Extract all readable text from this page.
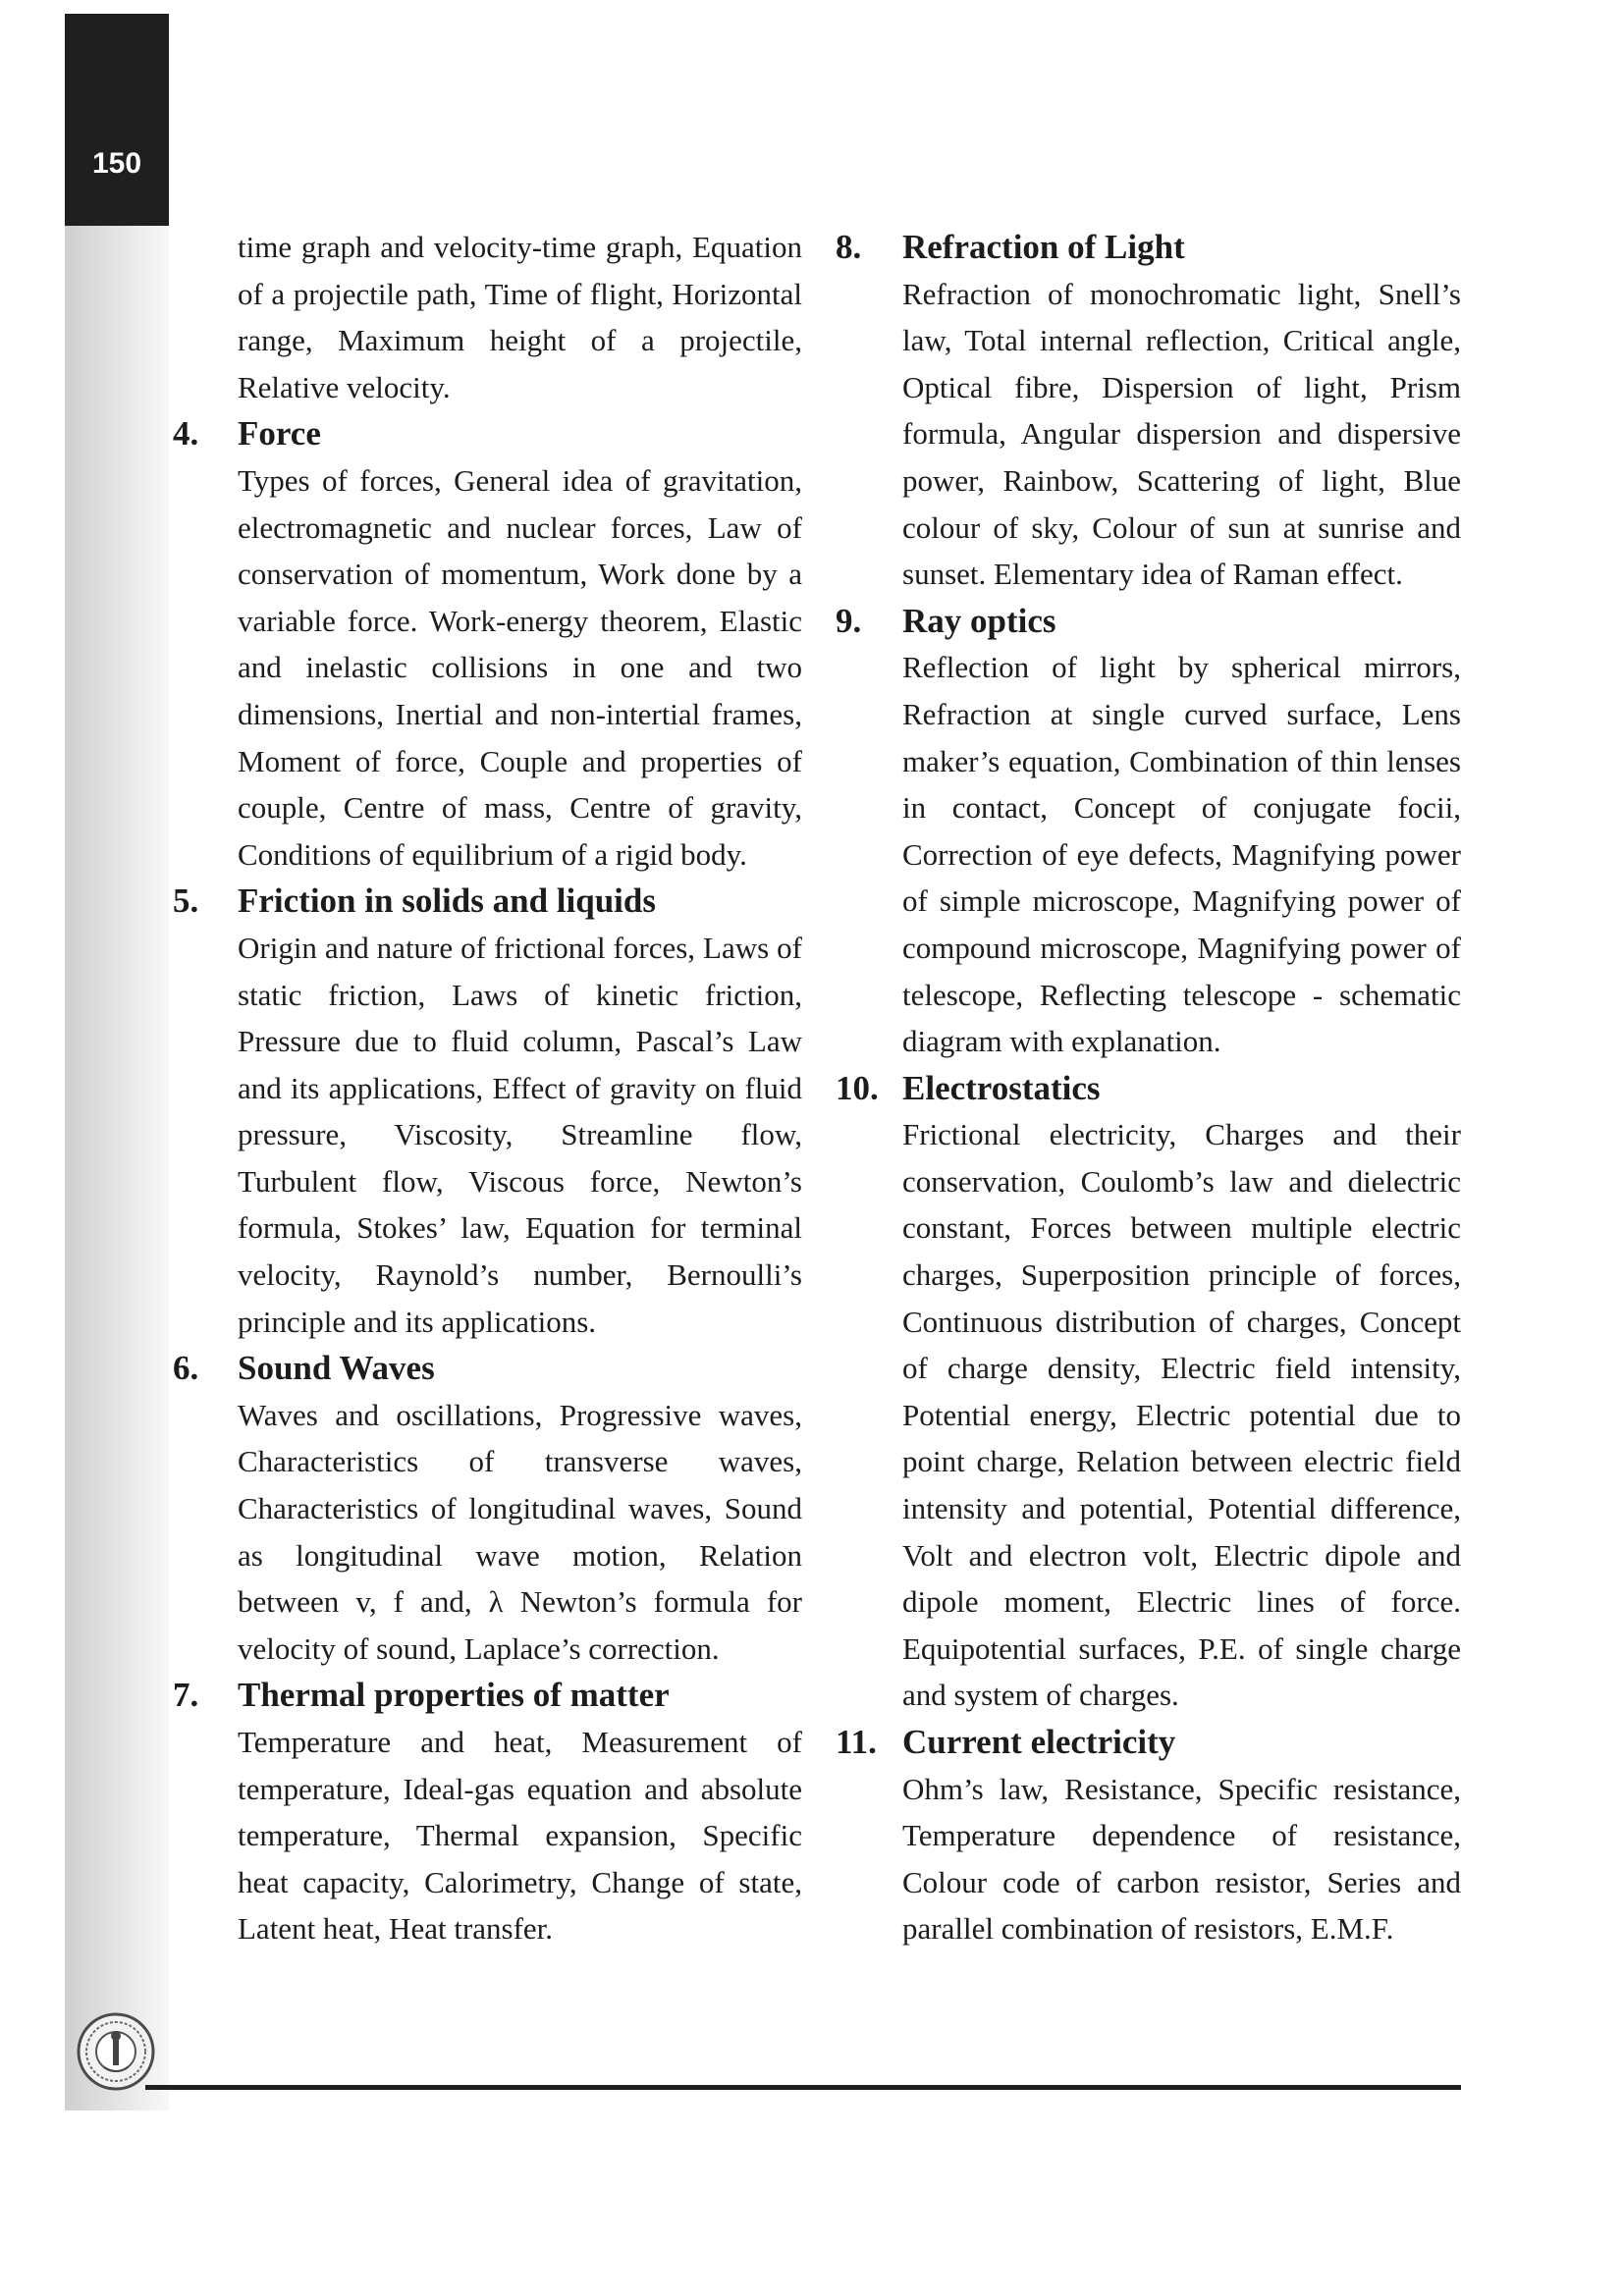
150
time graph and velocity-time graph, Equation of a projectile path, Time of flight, Horizontal range, Maximum height of a projectile, Relative velocity.
4.	Force
Types of forces, General idea of gravitation, electromagnetic and nuclear forces, Law of conservation of momentum, Work done by a variable force. Work-energy theorem, Elastic and inelastic collisions in one and two dimensions, Inertial and non-intertial frames, Moment of force, Couple and properties of couple, Centre of mass, Centre of gravity, Conditions of equilibrium of a rigid body.
5.	Friction in solids and liquids
Origin and nature of frictional forces, Laws of static friction, Laws of kinetic friction, Pressure due to fluid column, Pascal’s Law and its applications, Effect of gravity on fluid pressure, Viscosity, Streamline flow, Turbulent flow, Viscous force, Newton’s formula, Stokes’ law, Equation for terminal velocity, Raynold’s number, Bernoulli’s principle and its applications.
6.	Sound Waves
Waves and oscillations, Progressive waves, Characteristics of transverse waves, Characteristics of longitudinal waves, Sound as longitudinal wave motion, Relation between v, f and, λ Newton’s formula for velocity of sound, Laplace’s correction.
7.	Thermal properties of matter
Temperature and heat, Measurement of temperature, Ideal-gas equation and absolute temperature, Thermal expansion, Specific heat capacity, Calorimetry, Change of state, Latent heat, Heat transfer.
8.	Refraction of Light
Refraction of monochromatic light, Snell’s law, Total internal reflection, Critical angle, Optical fibre, Dispersion of light, Prism formula, Angular dispersion and dispersive power, Rainbow, Scattering of light, Blue colour of sky, Colour of sun at sunrise and sunset. Elementary idea of Raman effect.
9.	Ray optics
Reflection of light by spherical mirrors, Refraction at single curved surface, Lens maker’s equation, Combination of thin lenses in contact, Concept of conjugate focii, Correction of eye defects, Magnifying power of simple microscope, Magnifying power of compound microscope, Magnifying power of telescope, Reflecting telescope - schematic diagram with explanation.
10. Electrostatics
Frictional electricity, Charges and their conservation, Coulomb’s law and dielectric constant, Forces between multiple electric charges, Superposition principle of forces, Continuous distribution of charges, Concept of charge density, Electric field intensity, Potential energy, Electric potential due to point charge, Relation between electric field intensity and potential, Potential difference, Volt and electron volt, Electric dipole and dipole moment, Electric lines of force. Equipotential surfaces, P.E. of single charge and system of charges.
11. Current electricity
Ohm’s law, Resistance, Specific resistance, Temperature dependence of resistance, Colour code of carbon resistor, Series and parallel combination of resistors, E.M.F.
